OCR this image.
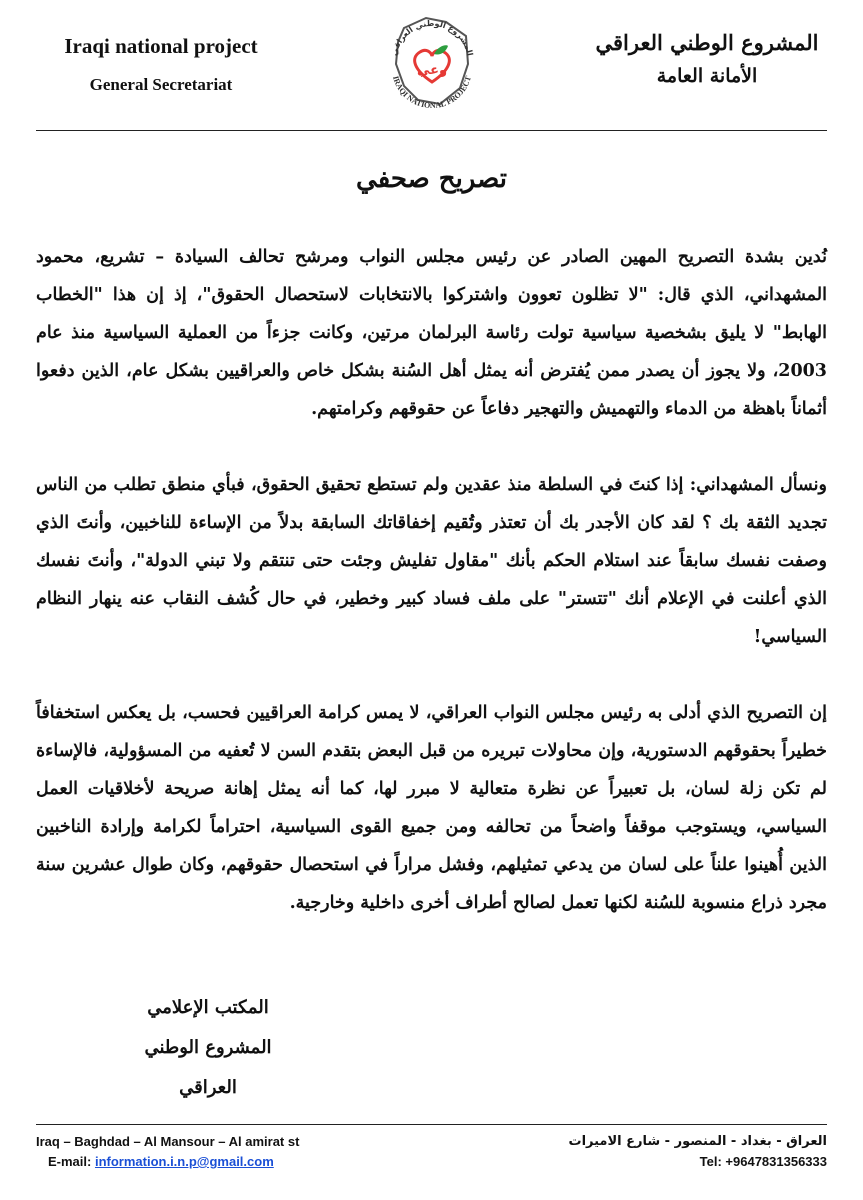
Iraqi national project
General Secretariat
المشروع الوطني العراقي
IRAQI NATIONAL PROJECT
وعي
المشروع الوطني العراقي
الأمانة العامة
تصريح صحفي

نُدين بشدة التصريح المهين الصادر عن رئيس مجلس النواب ومرشح تحالف السيادة – تشريع، محمود المشهداني، الذي قال: "لا تظلون تعوون واشتركوا بالانتخابات لاستحصال الحقوق"، إذ إن هذا "الخطاب الهابط" لا يليق بشخصية سياسية تولت رئاسة البرلمان مرتين، وكانت جزءاً من العملية السياسية منذ عام 2003، ولا يجوز أن يصدر ممن يُفترض أنه يمثل أهل السُنة بشكل خاص والعراقيين بشكل عام، الذين دفعوا أثماناً باهظة من الدماء والتهميش والتهجير دفاعاً عن حقوقهم وكرامتهم.

ونسأل المشهداني: إذا كنتَ في السلطة منذ عقدين ولم تستطع تحقيق الحقوق، فبأي منطق تطلب من الناس تجديد الثقة بك ؟ لقد كان الأجدر بك أن تعتذر وتُقيم إخفاقاتك السابقة بدلاً من الإساءة للناخبين، وأنتَ الذي وصفت نفسك سابقاً عند استلام الحكم بأنك "مقاول تفليش وجئت حتى تنتقم ولا تبني الدولة"، وأنتَ نفسك الذي أعلنت في الإعلام أنك "تتستر" على ملف فساد كبير وخطير، في حال كُشف النقاب عنه ينهار النظام السياسي!

إن التصريح الذي أدلى به رئيس مجلس النواب العراقي، لا يمس كرامة العراقيين فحسب، بل يعكس استخفافاً خطيراً بحقوقهم الدستورية، وإن محاولات تبريره من قبل البعض بتقدم السن لا تُعفيه من المسؤولية، فالإساءة لم تكن زلة لسان، بل تعبيراً عن نظرة متعالية لا مبرر لها، كما أنه يمثل إهانة صريحة لأخلاقيات العمل السياسي، ويستوجب موقفاً واضحاً من تحالفه ومن جميع القوى السياسية، احتراماً لكرامة وإرادة الناخبين الذين أُهينوا علناً على لسان من يدعي تمثيلهم، وفشل مراراً في استحصال حقوقهم، وكان طوال عشرين سنة مجرد ذراع منسوبة للسُنة لكنها تعمل لصالح أطراف أخرى داخلية وخارجية.

المكتب الإعلامي
المشروع الوطني العراقي
Iraq – Baghdad – Al Mansour – Al amirat st
E-mail: information.i.n.p@gmail.com
العراق - بغداد - المنصور - شارع الاميرات
Tel: +9647831356333
